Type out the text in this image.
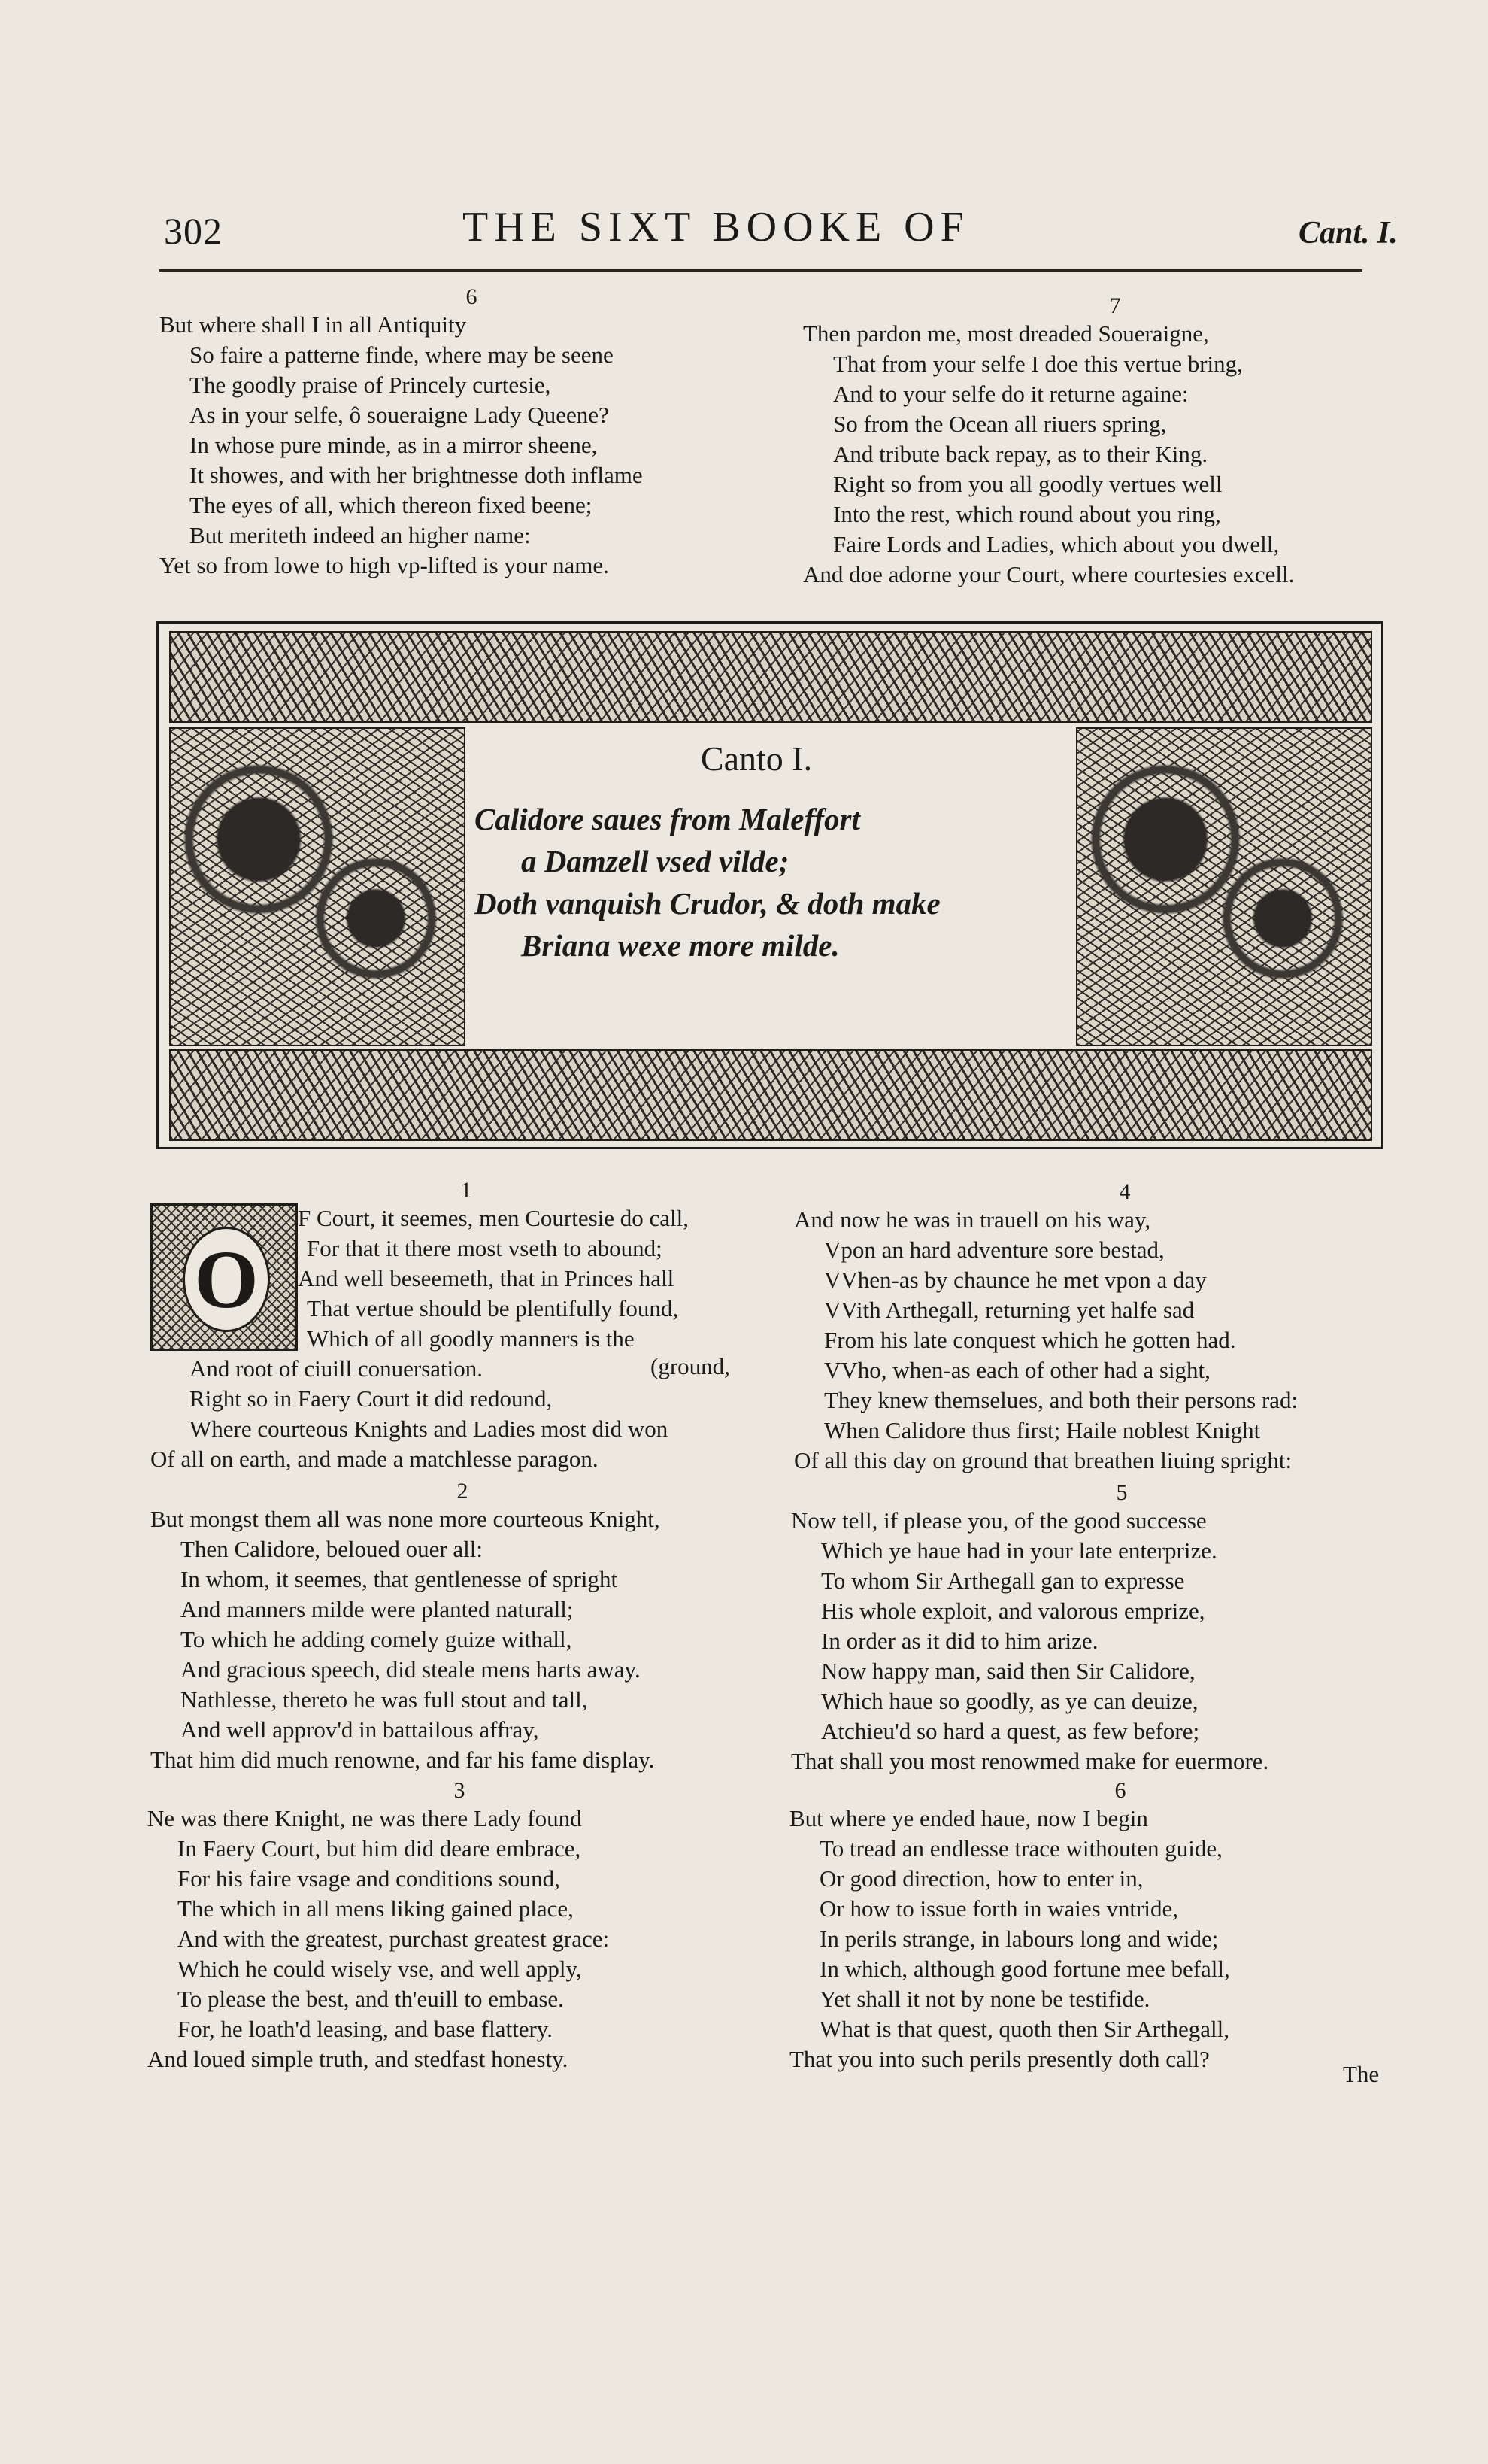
302	THE SIXT BOOKE OF	Cant. I.
6
But where shall I in all Antiquity
So faire a patterne finde, where may be seene
The goodly praise of Princely curtesie,
As in your selfe, ô soueraigne Lady Queene?
In whose pure minde, as in a mirror sheene,
It showes, and with her brightnesse doth inflame
The eyes of all, which thereon fixed beene;
But meriteth indeed an higher name:
Yet so from lowe to high vp-lifted is your name.
7
Then pardon me, most dreaded Soueraigne,
That from your selfe I doe this vertue bring,
And to your selfe do it returne againe:
So from the Ocean all riuers spring,
And tribute back repay, as to their King.
Right so from you all goodly vertues well
Into the rest, which round about you ring,
Faire Lords and Ladies, which about you dwell,
And doe adorne your Court, where courtesies excell.
Canto I.
Calidore saues from Maleffort
a Damzell vsed vilde;
Doth vanquish Crudor, & doth make
Briana wexe more milde.
O
1
F Court, it seemes, men Courtesie do call,
For that it there most vseth to abound;
And well beseemeth, that in Princes hall
That vertue should be plentifully found,
Which of all goodly manners is the
And root of ciuill conuersation.	(ground,
Right so in Faery Court it did redound,
Where courteous Knights and Ladies most did won
Of all on earth, and made a matchlesse paragon.
2
But mongst them all was none more courteous Knight,
Then Calidore, beloued ouer all:
In whom, it seemes, that gentlenesse of spright
And manners milde were planted naturall;
To which he adding comely guize withall,
And gracious speech, did steale mens harts away.
Nathlesse, thereto he was full stout and tall,
And well approv'd in battailous affray,
That him did much renowne, and far his fame display.
3
Ne was there Knight, ne was there Lady found
In Faery Court, but him did deare embrace,
For his faire vsage and conditions sound,
The which in all mens liking gained place,
And with the greatest, purchast greatest grace:
Which he could wisely vse, and well apply,
To please the best, and th'euill to embase.
For, he loath'd leasing, and base flattery.
And loued simple truth, and stedfast honesty.
4
And now he was in trauell on his way,
Vpon an hard adventure sore bestad,
VVhen-as by chaunce he met vpon a day
VVith Arthegall, returning yet halfe sad
From his late conquest which he gotten had.
VVho, when-as each of other had a sight,
They knew themselues, and both their persons rad:
When Calidore thus first; Haile noblest Knight
Of all this day on ground that breathen liuing spright:
5
Now tell, if please you, of the good successe
Which ye haue had in your late enterprize.
To whom Sir Arthegall gan to expresse
His whole exploit, and valorous emprize,
In order as it did to him arize.
Now happy man, said then Sir Calidore,
Which haue so goodly, as ye can deuize,
Atchieu'd so hard a quest, as few before;
That shall you most renowmed make for euermore.
6
But where ye ended haue, now I begin
To tread an endlesse trace withouten guide,
Or good direction, how to enter in,
Or how to issue forth in waies vntride,
In perils strange, in labours long and wide;
In which, although good fortune mee befall,
Yet shall it not by none be testifide.
What is that quest, quoth then Sir Arthegall,
That you into such perils presently doth call?
The
